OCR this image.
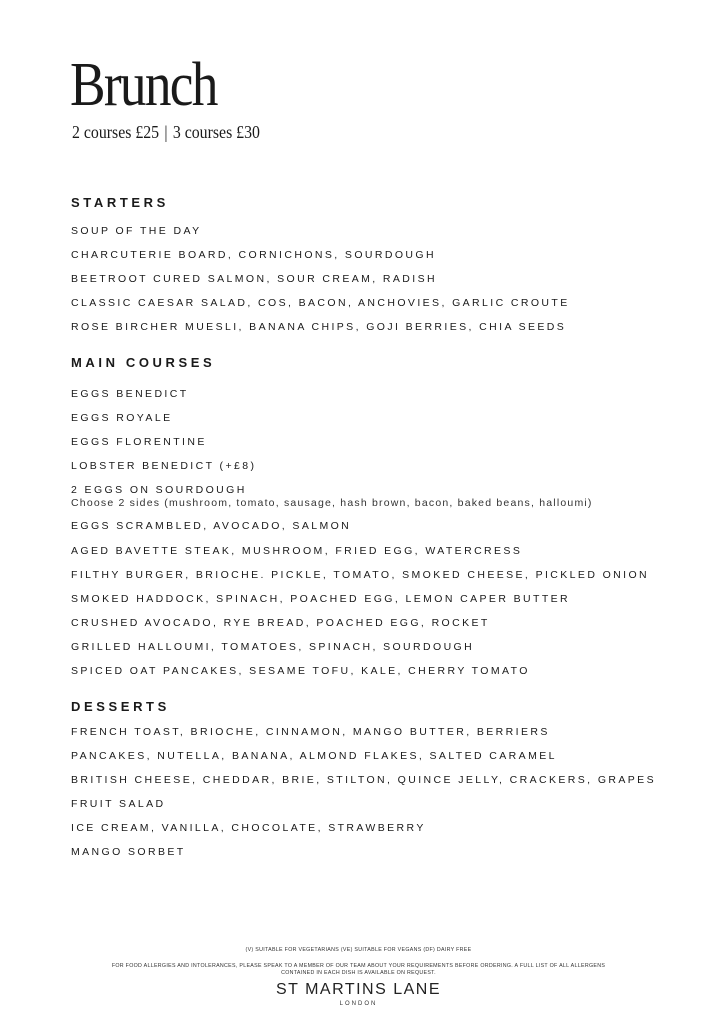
Brunch
2 courses £25 | 3 courses £30
STARTERS

SOUP OF THE DAY

CHARCUTERIE BOARD, CORNICHONS, SOURDOUGH

BEETROOT CURED SALMON, SOUR CREAM, RADISH

CLASSIC CAESAR SALAD, COS, BACON, ANCHOVIES, GARLIC CROUTE

ROSE BIRCHER MUESLI, BANANA CHIPS, GOJI BERRIES, CHIA SEEDS

MAIN COURSES

EGGS BENEDICT

EGGS ROYALE

EGGS FLORENTINE

LOBSTER BENEDICT (+£8)

2 EGGS ON SOURDOUGH
Choose 2 sides (mushroom, tomato, sausage, hash brown, bacon, baked beans, halloumi)

EGGS SCRAMBLED, AVOCADO, SALMON

AGED BAVETTE STEAK, MUSHROOM, FRIED EGG, WATERCRESS

FILTHY BURGER, BRIOCHE. PICKLE, TOMATO, SMOKED CHEESE, PICKLED ONION

SMOKED HADDOCK, SPINACH, POACHED EGG, LEMON CAPER BUTTER

CRUSHED AVOCADO, RYE BREAD, POACHED EGG, ROCKET

GRILLED HALLOUMI, TOMATOES, SPINACH, SOURDOUGH

SPICED OAT PANCAKES, SESAME TOFU, KALE, CHERRY TOMATO

DESSERTS

FRENCH TOAST, BRIOCHE, CINNAMON, MANGO BUTTER, BERRIERS

PANCAKES, NUTELLA, BANANA, ALMOND FLAKES, SALTED CARAMEL

BRITISH CHEESE, CHEDDAR, BRIE, STILTON, QUINCE JELLY, CRACKERS, GRAPES

FRUIT SALAD

ICE CREAM, VANILLA, CHOCOLATE, STRAWBERRY

MANGO SORBET

(V) SUITABLE FOR VEGETARIANS (VE) SUITABLE FOR VEGANS (DF) DAIRY FREE
FOR FOOD ALLERGIES AND INTOLERANCES, PLEASE SPEAK TO A MEMBER OF OUR TEAM ABOUT YOUR REQUIREMENTS BEFORE ORDERING. A FULL LIST OF ALL ALLERGENS
CONTAINED IN EACH DISH IS AVAILABLE ON REQUEST.
ST MARTINS LANE
LONDON
